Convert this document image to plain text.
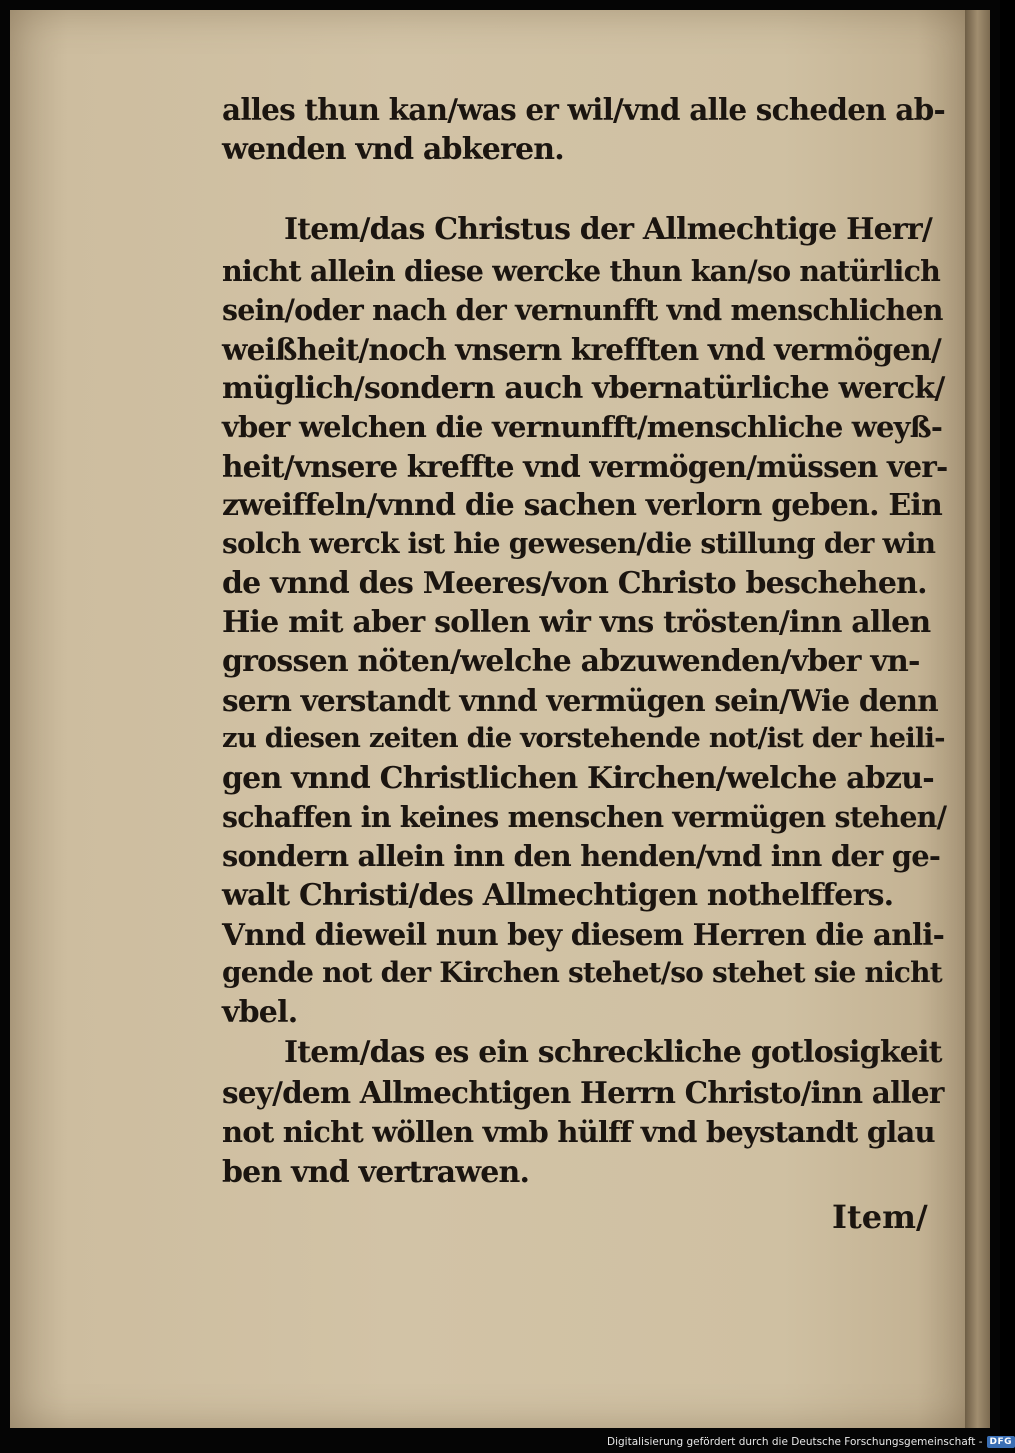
alles thun kan/was er wil/vnd alle scheden ab-
wenden vnd abkeren.
Item/das Christus der Allmechtige Herr/
nicht allein diese wercke thun kan/so natürlich
sein/oder nach der vernunfft vnd menschlichen
weißheit/noch vnsern krefften vnd vermögen/
müglich/sondern auch vbernatürliche werck/
vber welchen die vernunfft/menschliche weyß-
heit/vnsere kreffte vnd vermögen/müssen ver-
zweiffeln/vnnd die sachen verlorn geben. Ein
solch werck ist hie gewesen/die stillung der win
de vnnd des Meeres/von Christo beschehen.
Hie mit aber sollen wir vns trösten/inn allen
grossen nöten/welche abzuwenden/vber vn-
sern verstandt vnnd vermügen sein/Wie denn
zu diesen zeiten die vorstehende not/ist der heili-
gen vnnd Christlichen Kirchen/welche abzu-
schaffen in keines menschen vermügen stehen/
sondern allein inn den henden/vnd inn der ge-
walt Christi/des Allmechtigen nothelffers.
Vnnd dieweil nun bey diesem Herren die anli-
gende not der Kirchen stehet/so stehet sie nicht
vbel.
Item/das es ein schreckliche gotlosigkeit
sey/dem Allmechtigen Herrn Christo/inn aller
not nicht wöllen vmb hülff vnd beystandt glau
ben vnd vertrawen.
Item/
Digitalisierung gefördert durch die Deutsche Forschungsgemeinschaft - DFG
